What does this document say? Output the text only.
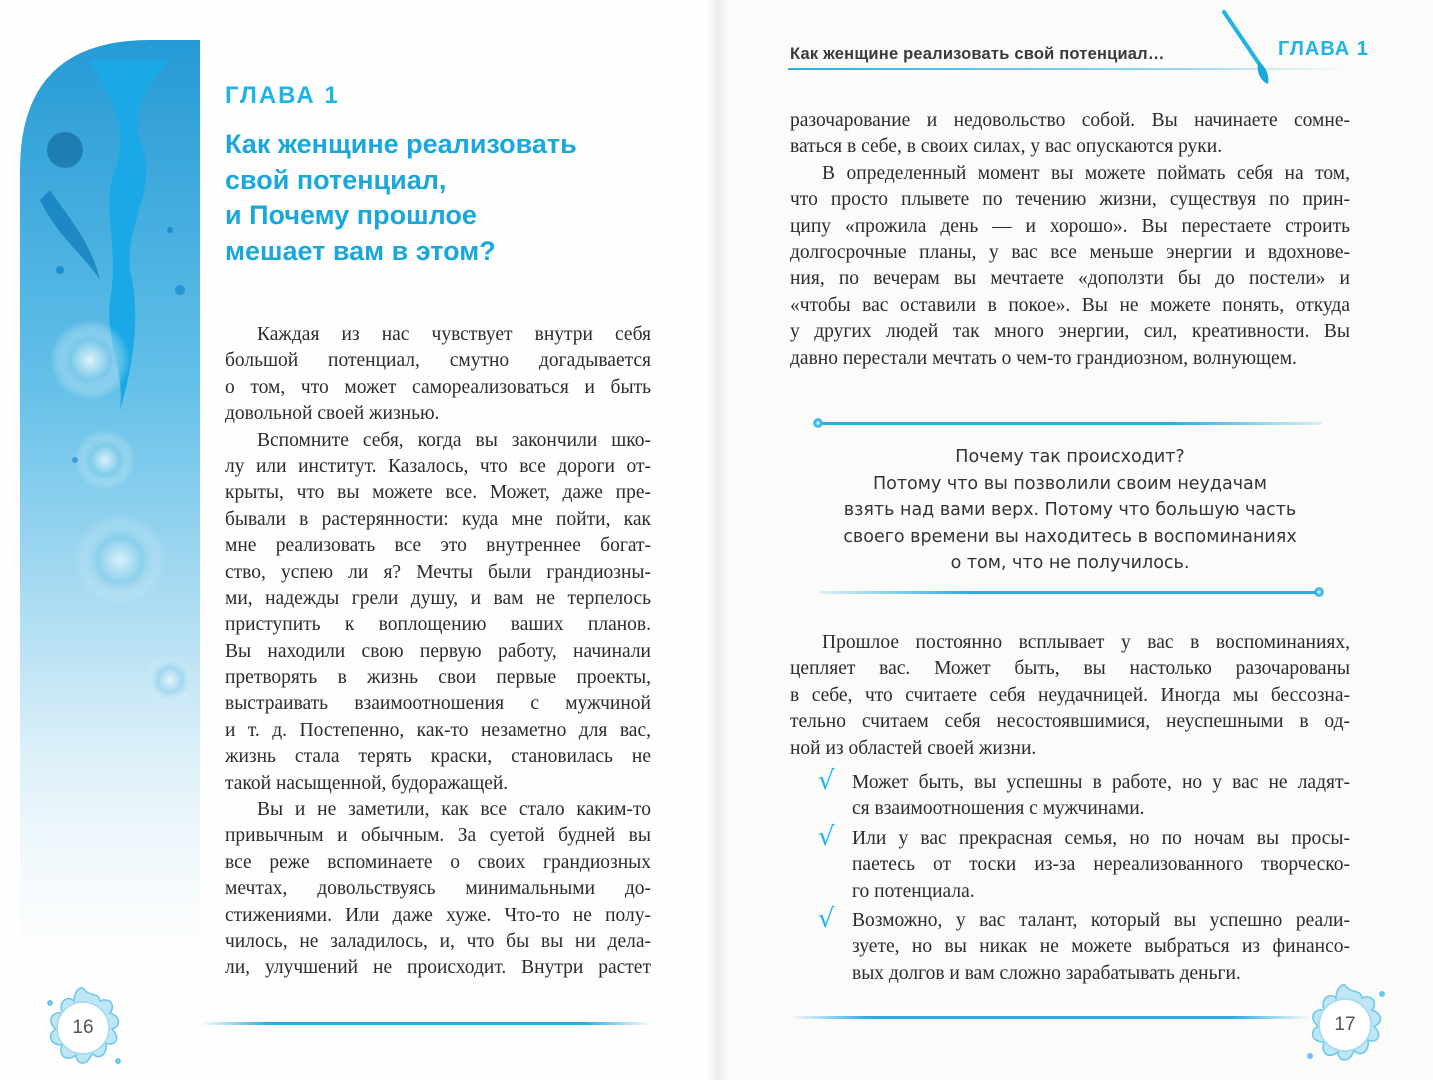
ГЛАВА 1
Как женщине реализовать
свой потенциал,
и Почему прошлое
мешает вам в этом?
Каждая из нас чувствует внутри себя
большой потенциал, смутно догадывается
о том, что может самореализоваться и быть
довольной своей жизнью.
Вспомните себя, когда вы закончили шко-
лу или институт. Казалось, что все дороги от-
крыты, что вы можете все. Может, даже пре-
бывали в растерянности: куда мне пойти, как
мне реализовать все это внутреннее богат-
ство, успею ли я? Мечты были грандиозны-
ми, надежды грели душу, и вам не терпелось
приступить к воплощению ваших планов.
Вы находили свою первую работу, начинали
претворять в жизнь свои первые проекты,
выстраивать взаимоотношения с мужчиной
и т. д. Постепенно, как-то незаметно для вас,
жизнь стала терять краски, становилась не
такой насыщенной, будоражащей.
Вы и не заметили, как все стало каким-то
привычным и обычным. За суетой будней вы
все реже вспоминаете о своих грандиозных
мечтах, довольствуясь минимальными до-
стижениями. Или даже хуже. Что-то не полу-
чилось, не заладилось, и, что бы вы ни дела-
ли, улучшений не происходит. Внутри растет
16
Как женщине реализовать свой потенциал…	ГЛАВА 1
разочарование и недовольство собой. Вы начинаете сомне-
ваться в себе, в своих силах, у вас опускаются руки.
В определенный момент вы можете поймать себя на том,
что просто плывете по течению жизни, существуя по прин-
ципу «прожила день — и хорошо». Вы перестаете строить
долгосрочные планы, у вас все меньше энергии и вдохнове-
ния, по вечерам вы мечтаете «доползти бы до постели» и
«чтобы вас оставили в покое». Вы не можете понять, откуда
у других людей так много энергии, сил, креативности. Вы
давно перестали мечтать о чем-то грандиозном, волнующем.
Почему так происходит?
Потому что вы позволили своим неудачам
взять над вами верх. Потому что большую часть
своего времени вы находитесь в воспоминаниях
о том, что не получилось.
Прошлое постоянно всплывает у вас в воспоминаниях,
цепляет вас. Может быть, вы настолько разочарованы
в себе, что считаете себя неудачницей. Иногда мы бессозна-
тельно считаем себя несостоявшимися, неуспешными в од-
ной из областей своей жизни.
√ Может быть, вы успешны в работе, но у вас не ладят-
ся взаимоотношения с мужчинами.
√ Или у вас прекрасная семья, но по ночам вы просы-
паетесь от тоски из-за нереализованного творческо-
го потенциала.
√ Возможно, у вас талант, который вы успешно реали-
зуете, но вы никак не можете выбраться из финансо-
вых долгов и вам сложно зарабатывать деньги.
17
